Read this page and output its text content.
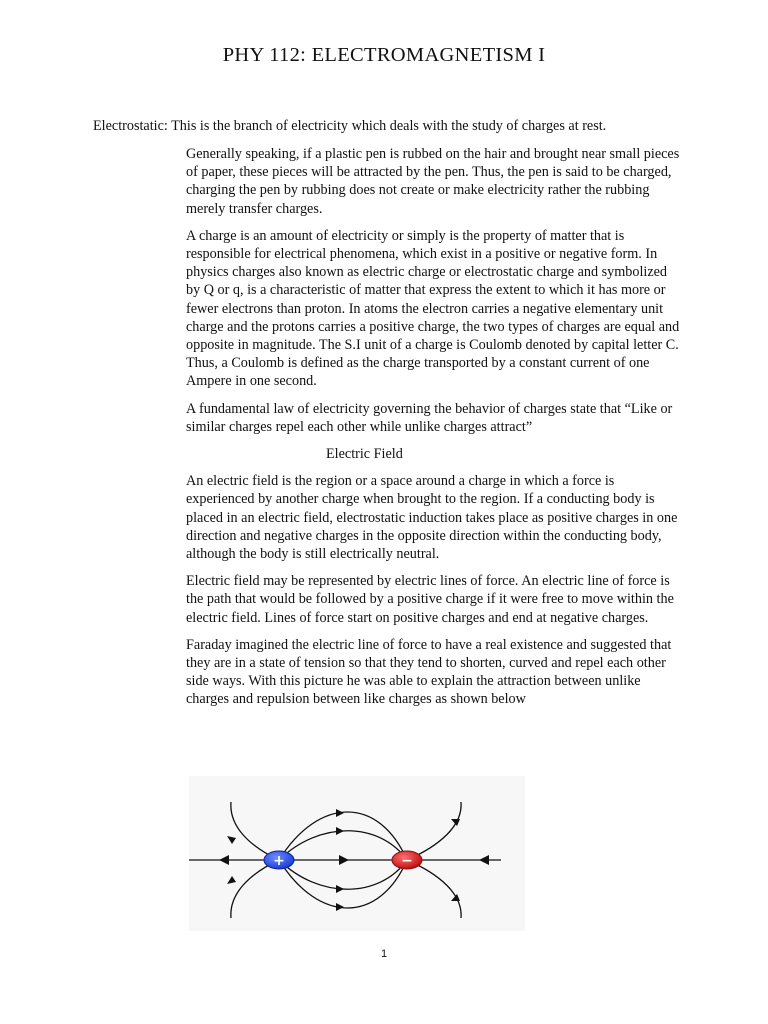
PHY 112: ELECTROMAGNETISM I
Electrostatic: This is the branch of electricity which deals with the study of charges at rest.

Generally speaking, if a plastic pen is rubbed on the hair and brought near small pieces of paper, these pieces will be attracted by the pen. Thus, the pen is said to be charged, charging the pen by rubbing does not create or make electricity rather the rubbing merely transfer charges.

A charge is an amount of electricity or simply is the property of matter that is responsible for electrical phenomena, which exist in a positive or negative form. In physics charges also known as electric charge or electrostatic charge and symbolized by Q or q, is a characteristic of matter that express the extent to which it has more or fewer electrons than proton. In atoms the electron carries a negative elementary unit charge and the protons carries a positive charge, the two types of charges are equal and opposite in magnitude. The S.I unit of a charge is Coulomb denoted by capital letter C. Thus, a Coulomb is defined as the charge transported by a constant current of one Ampere in one second.

A fundamental law of electricity governing the behavior of charges state that “Like or similar charges repel each other while unlike charges attract”

Electric Field

An electric field is the region or a space around a charge in which a force is experienced by another charge when brought to the region. If a conducting body is placed in an electric field, electrostatic induction takes place as positive charges in one direction and negative charges in the opposite direction within the conducting body, although the body is still electrically neutral.

Electric field may be represented by electric lines of force. An electric line of force is the path that would be followed by a positive charge if it were free to move within the electric field. Lines of force start on positive charges and end at negative charges.

Faraday imagined the electric line of force to have a real existence and suggested that they are in a state of tension so that they tend to shorten, curved and repel each other side ways. With this picture he was able to explain the attraction between unlike charges and repulsion between like charges as shown below

+	−
1
